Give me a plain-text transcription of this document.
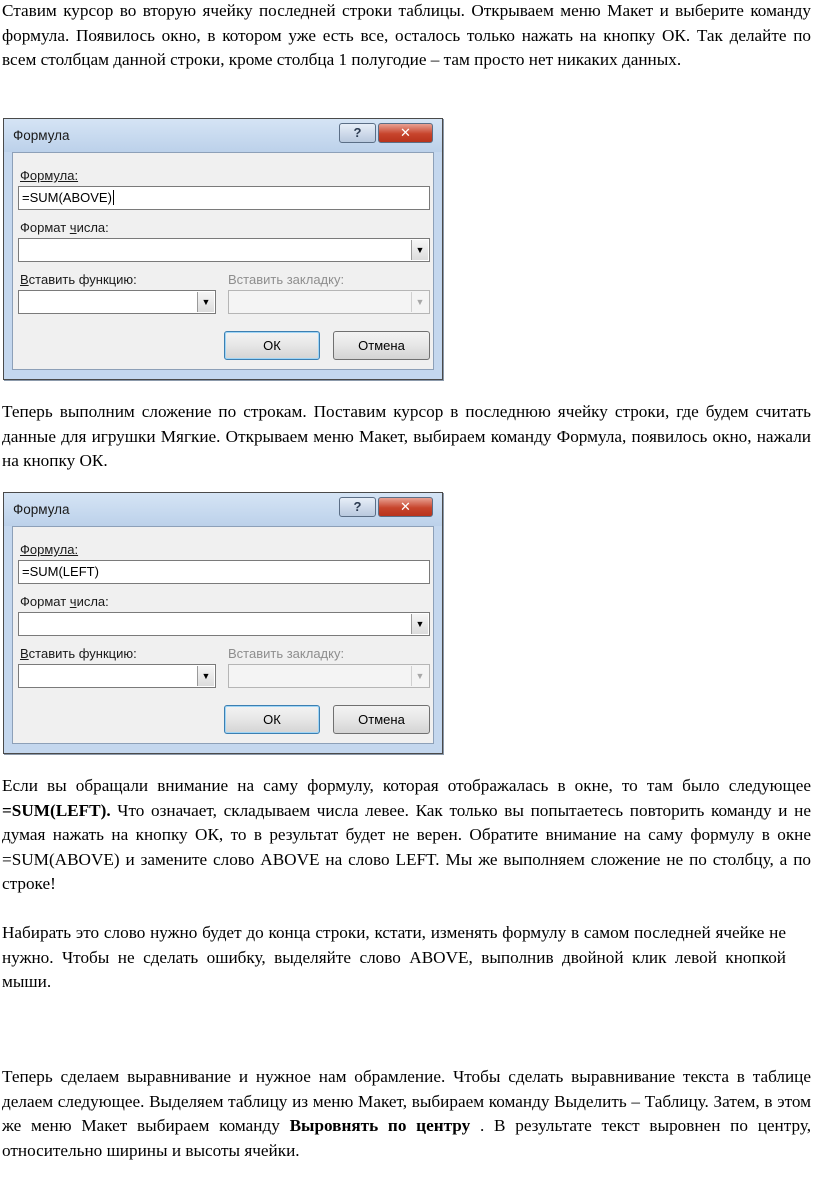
Ставим курсор во вторую ячейку последней строки таблицы. Открываем меню Макет и выберите команду формула. Появилось окно, в котором уже есть все, осталось только нажать на кнопку ОК. Так делайте по всем столбцам данной строки, кроме столбца 1 полугодие – там просто нет никаких данных.

Формула	?	✕
Формула:
=SUM(ABOVE)
Формат числа:
▼
Вставить функцию:
▼
Вставить закладку:
▼
ОК	Отмена

Теперь выполним сложение по строкам. Поставим курсор в последнюю ячейку строки, где будем считать данные для игрушки Мягкие. Открываем меню Макет, выбираем команду Формула, появилось окно, нажали на кнопку ОК.

Формула	?	✕
Формула:
=SUM(LEFT)
Формат числа:
▼
Вставить функцию:
▼
Вставить закладку:
▼
ОК	Отмена

Если вы обращали внимание на саму формулу, которая отображалась в окне, то там было следующее =SUM(LEFT). Что означает, складываем числа левее. Как только вы попытаетесь повторить команду и не думая нажать на кнопку ОК, то в результат будет не верен. Обратите внимание на саму формулу в окне =SUM(ABOVE) и замените слово ABOVE на слово LEFT. Мы же выполняем сложение не по столбцу, а по строке!

Набирать это слово нужно будет до конца строки, кстати, изменять формулу в самом последней ячейке не нужно. Чтобы не сделать ошибку, выделяйте слово ABOVE, выполнив двойной клик левой кнопкой мыши.

Теперь сделаем выравнивание и нужное нам обрамление. Чтобы сделать выравнивание текста в таблице делаем следующее. Выделяем таблицу из меню Макет, выбираем команду Выделить – Таблицу. Затем, в этом же меню Макет выбираем команду Выровнять по центру . В результате текст выровнен по центру, относительно ширины и высоты ячейки.
